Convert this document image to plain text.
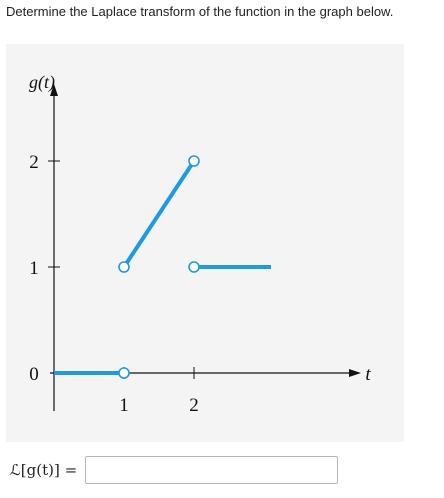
Determine the Laplace transform of the function in the graph below.
0
1
2
1	2
g(t)
t
ℒ[g(t)] =
